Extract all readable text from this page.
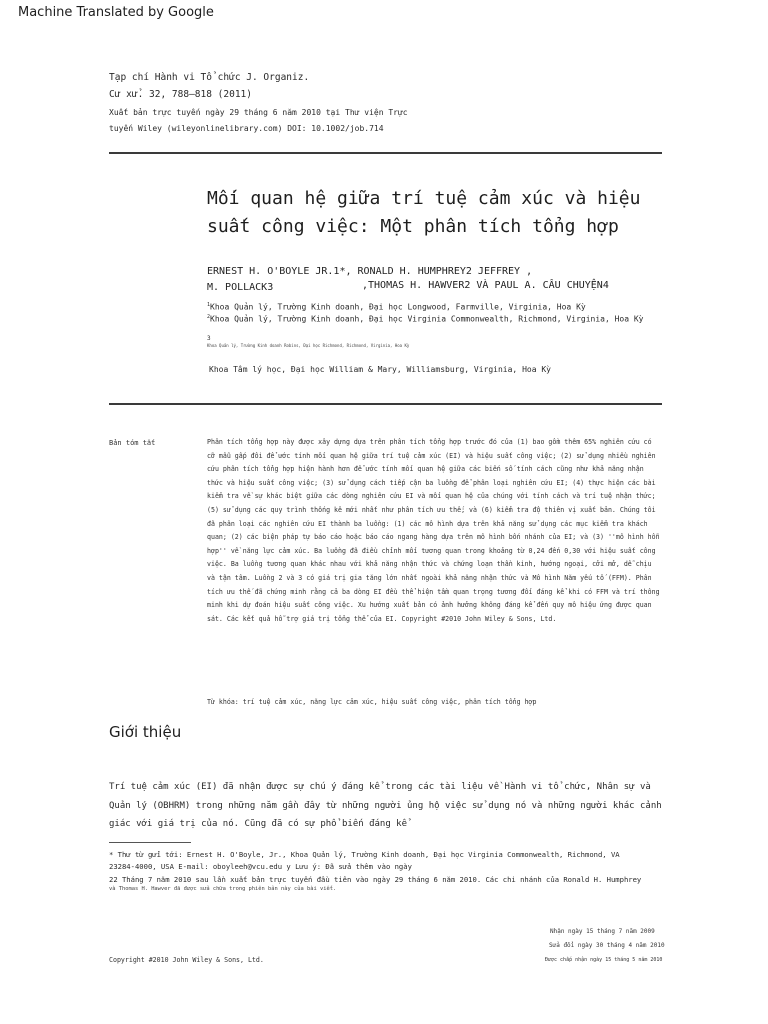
Machine Translated by Google
Tạp chí Hành vi Tổ chức J. Organiz.
Cư xử. 32, 788–818 (2011)
Xuất bản trực tuyến ngày 29 tháng 6 năm 2010 tại Thư viện Trực
tuyến Wiley (wileyonlinelibrary.com) DOI: 10.1002/job.714
Mối quan hệ giữa trí tuệ cảm xúc và hiệu suất công việc: Một phân tích tổng hợp
ERNEST H. O'BOYLE JR.1*, RONALD H. HUMPHREY2 JEFFREY ,
M. POLLACK3	,THOMAS H. HAWVER2 VÀ PAUL A. CÂU CHUYỆN4
$^1$Khoa Quản lý, Trường Kinh doanh, Đại học Longwood, Farmville, Virginia, Hoa Kỳ
$^2$Khoa Quản lý, Trường Kinh doanh, Đại học Virginia Commonwealth, Richmond, Virginia, Hoa Kỳ
3
Khoa Quản lý, Trường Kinh doanh Robins, Đại học Richmond, Richmond, Virginia, Hoa Kỳ
Khoa Tâm lý học, Đại học William & Mary, Williamsburg, Virginia, Hoa Kỳ
Bản tóm tắt	Phân tích tổng hợp này được xây dựng dựa trên phân tích tổng hợp trước đó của (1) bao gồm thêm 65% nghiên cứu có cỡ mẫu gấp đôi để ước tính mối quan hệ giữa trí tuệ cảm xúc (EI) và hiệu suất công việc; (2) sử dụng nhiều nghiên cứu phân tích tổng hợp hiện hành hơn để ước tính mối quan hệ giữa các biến số tính cách cũng như khả năng nhận thức và hiệu suất công việc; (3) sử dụng cách tiếp cận ba luồng để phân loại nghiên cứu EI; (4) thực hiện các bài kiểm tra về sự khác biệt giữa các dòng nghiên cứu EI và mối quan hệ của chúng với tính cách và trí tuệ nhận thức; (5) sử dụng các quy trình thống kê mới nhất như phân tích ưu thế; và (6) kiểm tra độ thiên vị xuất bản. Chúng tôi đã phân loại các nghiên cứu EI thành ba luồng: (1) các mô hình dựa trên khả năng sử dụng các mục kiểm tra khách quan; (2) các biện pháp tự báo cáo hoặc báo cáo ngang hàng dựa trên mô hình bốn nhánh của EI; và (3) ''mô hình hỗn hợp'' về năng lực cảm xúc. Ba luồng đã điều chỉnh mối tương quan trong khoảng từ 0,24 đến 0,30 với hiệu suất công việc. Ba luồng tương quan khác nhau với khả năng nhận thức và chứng loạn thần kinh, hướng ngoại, cởi mở, dễ chịu và tận tâm. Luồng 2 và 3 có giá trị gia tăng lớn nhất ngoài khả năng nhận thức và Mô hình Năm yếu tố (FFM). Phân tích ưu thế đã chứng minh rằng cả ba dòng EI đều thể hiện tầm quan trọng tương đối đáng kể khi có FFM và trí thông minh khi dự đoán hiệu suất công việc. Xu hướng xuất bản có ảnh hưởng không đáng kể đến quy mô hiệu ứng được quan sát. Các kết quả hỗ trợ giá trị tổng thể của EI. Copyright #2010 John Wiley & Sons, Ltd.
Từ khóa: trí tuệ cảm xúc, năng lực cảm xúc, hiệu suất công việc, phân tích tổng hợp
Giới thiệu
Trí tuệ cảm xúc (EI) đã nhận được sự chú ý đáng kể trong các tài liệu về Hành vi tổ chức, Nhân sự và Quản lý (OBHRM) trong những năm gần đây từ những người ủng hộ việc sử dụng nó và những người khác cảnh giác với giá trị của nó. Cũng đã có sự phổ biến đáng kể
* Thư từ gửi tới: Ernest H. O'Boyle, Jr., Khoa Quản lý, Trường Kinh doanh, Đại học Virginia Commonwealth, Richmond, VA
23284-4000, USA E-mail: oboyleeh@vcu.edu y Lưu ý: Đã sửa thêm vào ngày
22 Tháng 7 năm 2010 sau lần xuất bản trực tuyến đầu tiên vào ngày 29 tháng 6 năm 2010. Các chi nhánh của Ronald H. Humphrey
và Thomas H. Hawver đã được sửa chữa trong phiên bản này của bài viết.
Nhận ngày 15 tháng 7 năm 2009
Sửa đổi ngày 30 tháng 4 năm 2010
Được chấp nhận ngày 15 tháng 5 năm 2010
Copyright #2010 John Wiley & Sons, Ltd.
